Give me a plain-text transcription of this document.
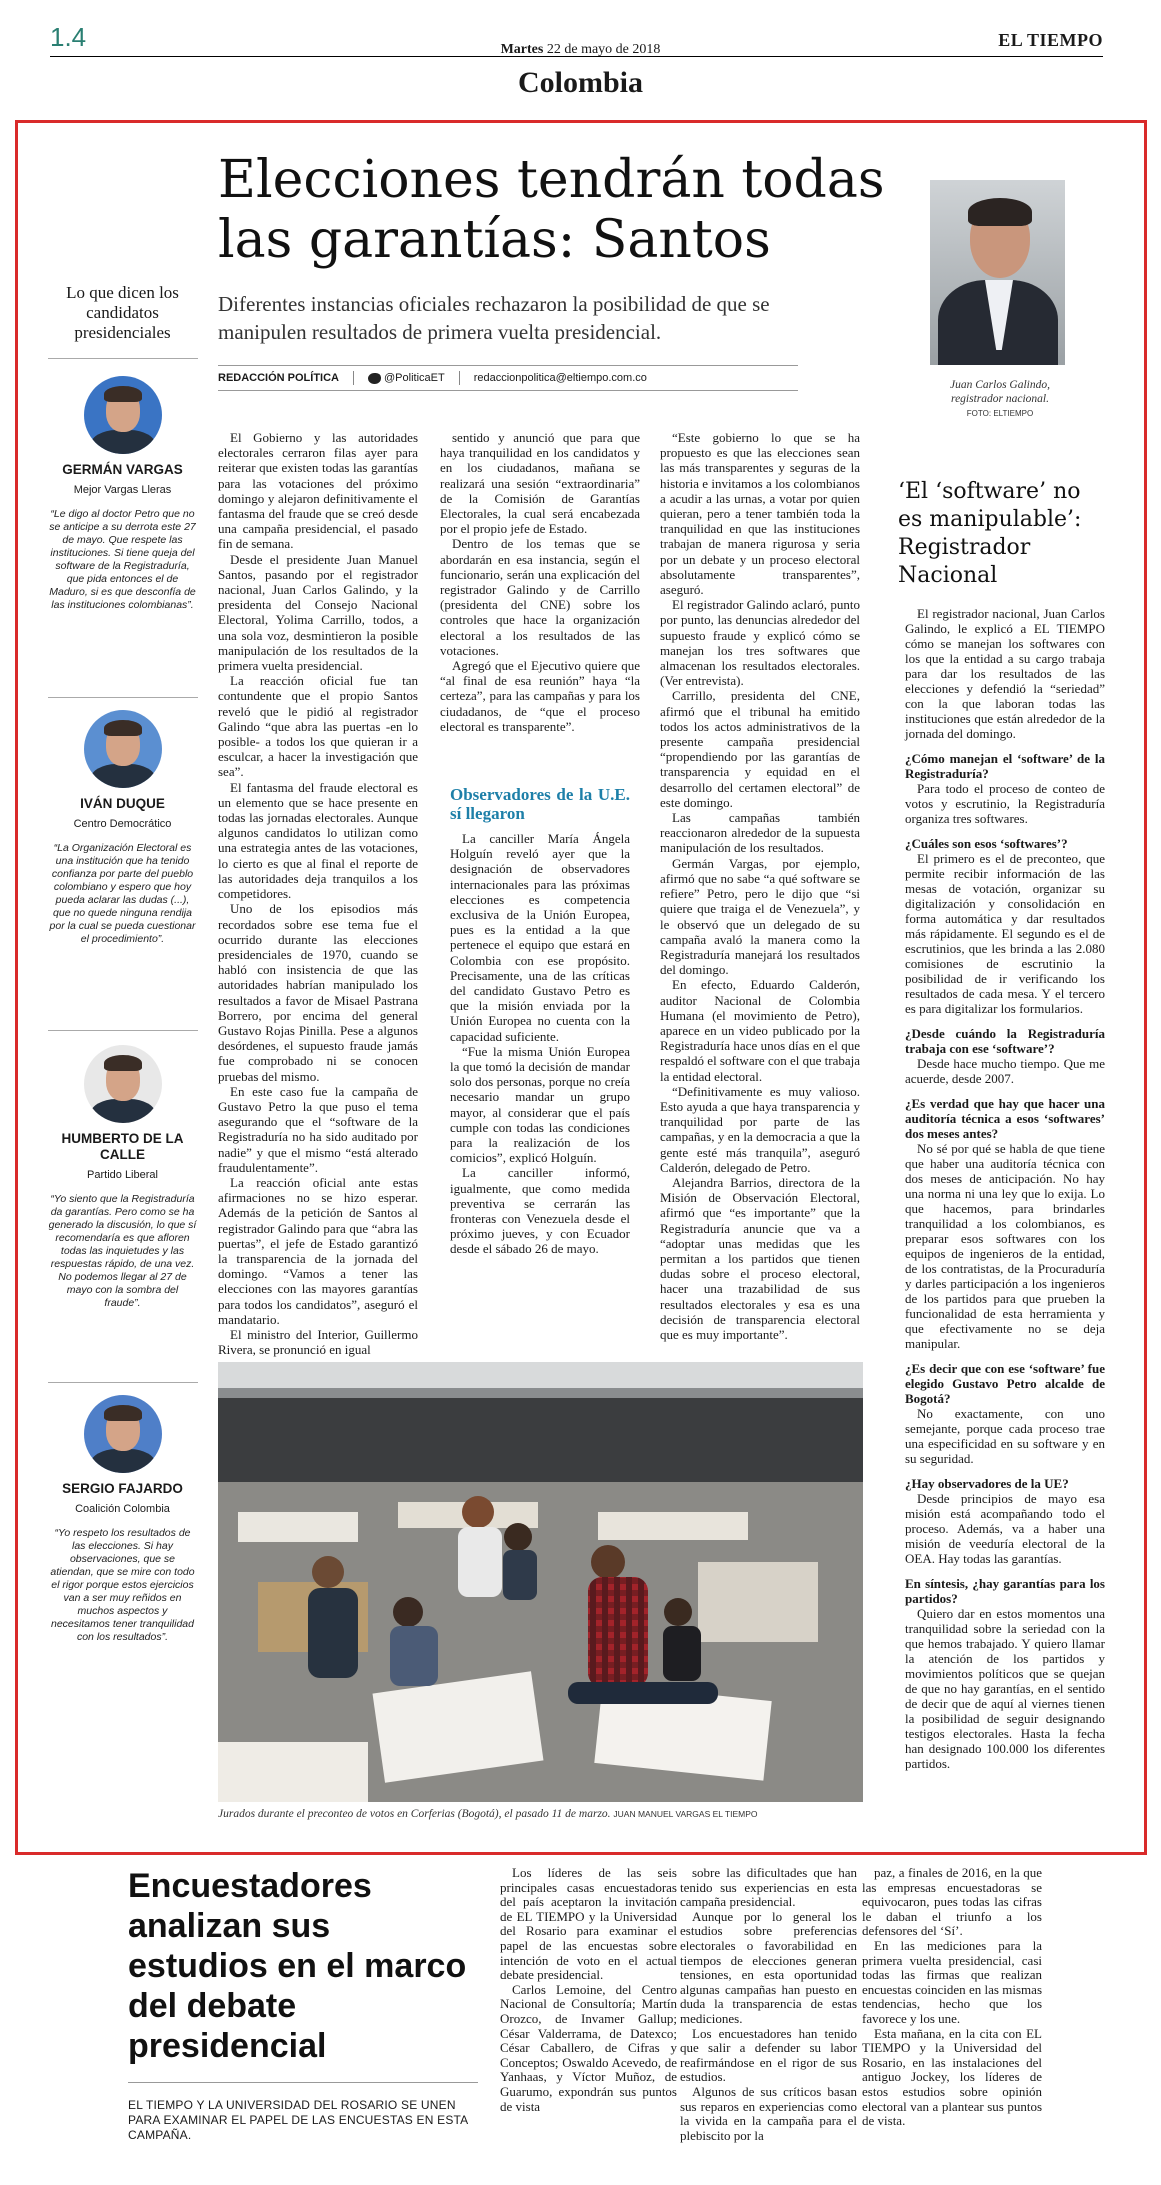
1.4	Martes 22 de mayo de 2018	EL TIEMPO
Colombia
Elecciones tendrán todas las garantías: Santos
Diferentes instancias oficiales rechazaron la posibilidad de que se manipulen resultados de primera vuelta presidencial.
REDACCIÓN POLÍTICA	@PoliticaET	redaccionpolitica@eltiempo.com.co
Juan Carlos Galindo, registrador nacional. FOTO: ELTIEMPO
Lo que dicen los candidatos presidenciales
GERMÁN VARGAS
Mejor Vargas Lleras
“Le digo al doctor Petro que no se anticipe a su derrota este 27 de mayo. Que respete las instituciones. Si tiene queja del software de la Registraduría, que pida entonces el de Maduro, si es que desconfía de las instituciones colombianas”.
IVÁN DUQUE
Centro Democrático
“La Organización Electoral es una institución que ha tenido confianza por parte del pueblo colombiano y espero que hoy pueda aclarar las dudas (...), que no quede ninguna rendija por la cual se pueda cuestionar el procedimiento”.
HUMBERTO DE LA CALLE
Partido Liberal
“Yo siento que la Registraduría da garantías. Pero como se ha generado la discusión, lo que sí recomendaría es que afloren todas las inquietudes y las respuestas rápido, de una vez. No podemos llegar al 27 de mayo con la sombra del fraude”.
SERGIO FAJARDO
Coalición Colombia
“Yo respeto los resultados de las elecciones. Si hay observaciones, que se atiendan, que se mire con todo el rigor porque estos ejercicios van a ser muy reñidos en muchos aspectos y necesitamos tener tranquilidad con los resultados”.

El Gobierno y las autoridades electorales cerraron filas ayer para reiterar que existen todas las garantías para las votaciones del próximo domingo y alejaron definitivamente el fantasma del fraude que se creó desde una campaña presidencial, el pasado fin de semana.

Desde el presidente Juan Manuel Santos, pasando por el registrador nacional, Juan Carlos Galindo, y la presidenta del Consejo Nacional Electoral, Yolima Carrillo, todos, a una sola voz, desmintieron la posible manipulación de los resultados de la primera vuelta presidencial.

La reacción oficial fue tan contundente que el propio Santos reveló que le pidió al registrador Galindo “que abra las puertas -en lo posible- a todos los que quieran ir a esculcar, a hacer la investigación que sea”.

El fantasma del fraude electoral es un elemento que se hace presente en todas las jornadas electorales. Aunque algunos candidatos lo utilizan como una estrategia antes de las votaciones, lo cierto es que al final el reporte de las autoridades deja tranquilos a los competidores.

Uno de los episodios más recordados sobre ese tema fue el ocurrido durante las elecciones presidenciales de 1970, cuando se habló con insistencia de que las autoridades habrían manipulado los resultados a favor de Misael Pastrana Borrero, por encima del general Gustavo Rojas Pinilla. Pese a algunos desórdenes, el supuesto fraude jamás fue comprobado ni se conocen pruebas del mismo.

En este caso fue la campaña de Gustavo Petro la que puso el tema asegurando que el “software de la Registraduría no ha sido auditado por nadie” y que el mismo “está alterado fraudulentamente”.

La reacción oficial ante estas afirmaciones no se hizo esperar. Además de la petición de Santos al registrador Galindo para que “abra las puertas”, el jefe de Estado garantizó la transparencia de la jornada del domingo. “Vamos a tener las elecciones con las mayores garantías para todos los candidatos”, aseguró el mandatario.

El ministro del Interior, Guillermo Rivera, se pronunció en igual

sentido y anunció que para que haya tranquilidad en los candidatos y en los ciudadanos, mañana se realizará una sesión “extraordinaria” de la Comisión de Garantías Electorales, la cual será encabezada por el propio jefe de Estado.

Dentro de los temas que se abordarán en esa instancia, según el funcionario, serán una explicación del registrador Galindo y de Carrillo (presidenta del CNE) sobre los controles que hace la organización electoral a los resultados de las votaciones.

Agregó que el Ejecutivo quiere que “al final de esa reunión” haya “la certeza”, para las campañas y para los ciudadanos, de “que el proceso electoral es transparente”.

Observadores de la U.E. sí llegaron

La canciller María Ángela Holguín reveló ayer que la designación de observadores internacionales para las próximas elecciones es competencia exclusiva de la Unión Europea, pues es la entidad a la que pertenece el equipo que estará en Colombia con ese propósito. Precisamente, una de las críticas del candidato Gustavo Petro es que la misión enviada por la Unión Europea no cuenta con la capacidad suficiente.

“Fue la misma Unión Europea la que tomó la decisión de mandar solo dos personas, porque no creía necesario mandar un grupo mayor, al considerar que el país cumple con todas las condiciones para la realización de los comicios”, explicó Holguín.

La canciller informó, igualmente, que como medida preventiva se cerrarán las fronteras con Venezuela desde el próximo jueves, y con Ecuador desde el sábado 26 de mayo.

“Este gobierno lo que se ha propuesto es que las elecciones sean las más transparentes y seguras de la historia e invitamos a los colombianos a acudir a las urnas, a votar por quien quieran, pero a tener también toda la tranquilidad en que las instituciones trabajan de manera rigurosa y seria por un debate y un proceso electoral absolutamente transparentes”, aseguró.

El registrador Galindo aclaró, punto por punto, las denuncias alrededor del supuesto fraude y explicó cómo se manejan los tres softwares que almacenan los resultados electorales. (Ver entrevista).

Carrillo, presidenta del CNE, afirmó que el tribunal ha emitido todos los actos administrativos de la presente campaña presidencial “propendiendo por las garantías de transparencia y equidad en el desarrollo del certamen electoral” de este domingo.

Las campañas también reaccionaron alrededor de la supuesta manipulación de los resultados.

Germán Vargas, por ejemplo, afirmó que no sabe “a qué software se refiere” Petro, pero le dijo que “si quiere que traiga el de Venezuela”, y le observó que un delegado de su campaña avaló la manera como la Registraduría manejará los resultados del domingo.

En efecto, Eduardo Calderón, auditor Nacional de Colombia Humana (el movimiento de Petro), aparece en un video publicado por la Registraduría hace unos días en el que respaldó el software con el que trabaja la entidad electoral.

“Definitivamente es muy valioso. Esto ayuda a que haya transparencia y tranquilidad por parte de las campañas, y en la democracia a que la gente esté más tranquila”, aseguró Calderón, delegado de Petro.

Alejandra Barrios, directora de la Misión de Observación Electoral, afirmó que “es importante” que la Registraduría anuncie que va a “adoptar unas medidas que les permitan a los partidos que tienen dudas sobre el proceso electoral, hacer una trazabilidad de sus resultados electorales y esa es una decisión de transparencia electoral que es muy importante”.

Jurados durante el preconteo de votos en Corferias (Bogotá), el pasado 11 de marzo. JUAN MANUEL VARGAS EL TIEMPO
‘El ‘software’ no es manipulable’: Registrador Nacional

El registrador nacional, Juan Carlos Galindo, le explicó a EL TIEMPO cómo se manejan los softwares con los que la entidad a su cargo trabaja para dar los resultados de las elecciones y defendió la “seriedad” con la que laboran todas las instituciones que están alrededor de la jornada del domingo.

¿Cómo manejan el ‘software’ de la Registraduría?

Para todo el proceso de conteo de votos y escrutinio, la Registraduría organiza tres softwares.

¿Cuáles son esos ‘softwares’?

El primero es el de preconteo, que permite recibir información de las mesas de votación, organizar su digitalización y consolidación en forma automática y dar resultados más rápidamente. El segundo es el de escrutinios, que les brinda a las 2.080 comisiones de escrutinio la posibilidad de ir verificando los resultados de cada mesa. Y el tercero es para digitalizar los formularios.

¿Desde cuándo la Registraduría trabaja con ese ‘software’?

Desde hace mucho tiempo. Que me acuerde, desde 2007.

¿Es verdad que hay que hacer una auditoría técnica a esos ‘softwares’ dos meses antes?

No sé por qué se habla de que tiene que haber una auditoría técnica con dos meses de anticipación. No hay una norma ni una ley que lo exija. Lo que hacemos, para brindarles tranquilidad a los colombianos, es preparar esos softwares con los equipos de ingenieros de la entidad, de los contratistas, de la Procuraduría y darles participación a los ingenieros de los partidos para que prueben la funcionalidad de esta herramienta y que efectivamente no se deja manipular.

¿Es decir que con ese ‘software’ fue elegido Gustavo Petro alcalde de Bogotá?

No exactamente, con uno semejante, porque cada proceso trae una especificidad en su software y en su seguridad.

¿Hay observadores de la UE?

Desde principios de mayo esa misión está acompañando todo el proceso. Además, va a haber una misión de veeduría electoral de la OEA. Hay todas las garantías.

En síntesis, ¿hay garantías para los partidos?

Quiero dar en estos momentos una tranquilidad sobre la seriedad con la que hemos trabajado. Y quiero llamar la atención de los partidos y movimientos políticos que se quejan de que no hay garantías, en el sentido de decir que de aquí al viernes tienen la posibilidad de seguir designando testigos electorales. Hasta la fecha han designado 100.000 los diferentes partidos.

Encuestadores analizan sus estudios en el marco del debate presidencial
EL TIEMPO Y LA UNIVERSIDAD DEL ROSARIO SE UNEN PARA EXAMINAR EL PAPEL DE LAS ENCUESTAS EN ESTA CAMPAÑA.

Los líderes de las seis principales casas encuestadoras del país aceptaron la invitación de EL TIEMPO y la Universidad del Rosario para examinar el papel de las encuestas sobre intención de voto en el actual debate presidencial.

Carlos Lemoine, del Centro Nacional de Consultoría; Martín Orozco, de Invamer Gallup; César Valderrama, de Datexco; César Caballero, de Cifras y Conceptos; Oswaldo Acevedo, de Yanhaas, y Víctor Muñoz, de Guarumo, expondrán sus puntos de vista

sobre las dificultades que han tenido sus experiencias en esta campaña presidencial.

Aunque por lo general los estudios sobre preferencias electorales o favorabilidad en tiempos de elecciones generan tensiones, en esta oportunidad algunas campañas han puesto en duda la transparencia de estas mediciones.

Los encuestadores han tenido que salir a defender su labor reafirmándose en el rigor de sus estudios.

Algunos de sus críticos basan sus reparos en experiencias como la vivida en la campaña para el plebiscito por la

paz, a finales de 2016, en la que las empresas encuestadoras se equivocaron, pues todas las cifras le daban el triunfo a los defensores del ‘Sí’.

En las mediciones para la primera vuelta presidencial, casi todas las firmas que realizan encuestas coinciden en las mismas tendencias, hecho que los favorece y los une.

Esta mañana, en la cita con EL TIEMPO y la Universidad del Rosario, en las instalaciones del antiguo Jockey, los líderes de estos estudios sobre opinión electoral van a plantear sus puntos de vista.
